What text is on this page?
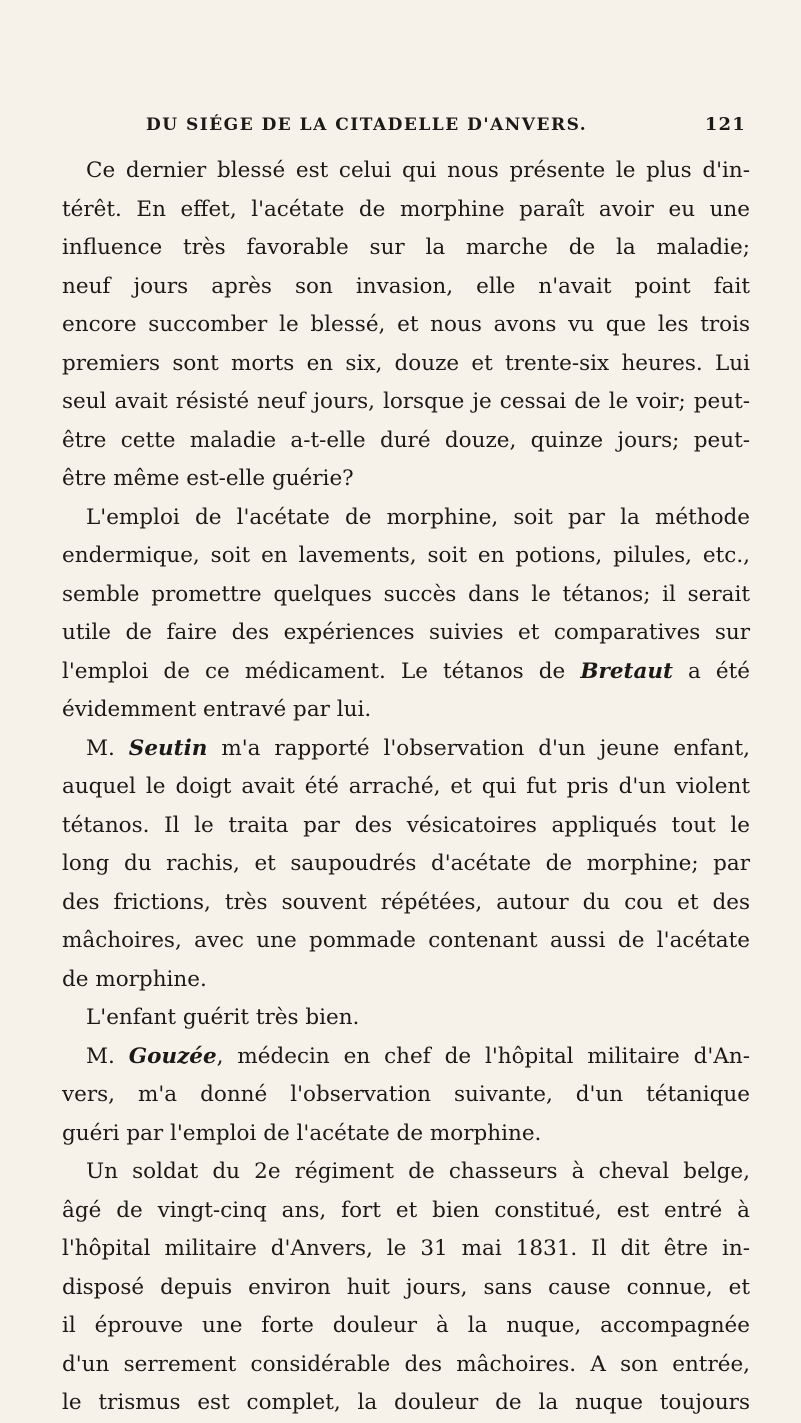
DU SIÉGE DE LA CITADELLE D'ANVERS.	121
Ce dernier blessé est celui qui nous présente le plus d'in-
térêt. En effet, l'acétate de morphine paraît avoir eu une
influence très favorable sur la marche de la maladie;
neuf jours après son invasion, elle n'avait point fait
encore succomber le blessé, et nous avons vu que les trois
premiers sont morts en six, douze et trente-six heures. Lui
seul avait résisté neuf jours, lorsque je cessai de le voir; peut-
être cette maladie a-t-elle duré douze, quinze jours; peut-
être même est-elle guérie?
L'emploi de l'acétate de morphine, soit par la méthode
endermique, soit en lavements, soit en potions, pilules, etc.,
semble promettre quelques succès dans le tétanos; il serait
utile de faire des expériences suivies et comparatives sur
l'emploi de ce médicament. Le tétanos de Bretaut a été
évidemment entravé par lui.
M. Seutin m'a rapporté l'observation d'un jeune enfant,
auquel le doigt avait été arraché, et qui fut pris d'un violent
tétanos. Il le traita par des vésicatoires appliqués tout le
long du rachis, et saupoudrés d'acétate de morphine; par
des frictions, très souvent répétées, autour du cou et des
mâchoires, avec une pommade contenant aussi de l'acétate
de morphine.
L'enfant guérit très bien.
M. Gouzée, médecin en chef de l'hôpital militaire d'An-
vers, m'a donné l'observation suivante, d'un tétanique
guéri par l'emploi de l'acétate de morphine.
Un soldat du 2e régiment de chasseurs à cheval belge,
âgé de vingt-cinq ans, fort et bien constitué, est entré à
l'hôpital militaire d'Anvers, le 31 mai 1831. Il dit être in-
disposé depuis environ huit jours, sans cause connue, et
il éprouve une forte douleur à la nuque, accompagnée
d'un serrement considérable des mâchoires. A son entrée,
le trismus est complet, la douleur de la nuque toujours
